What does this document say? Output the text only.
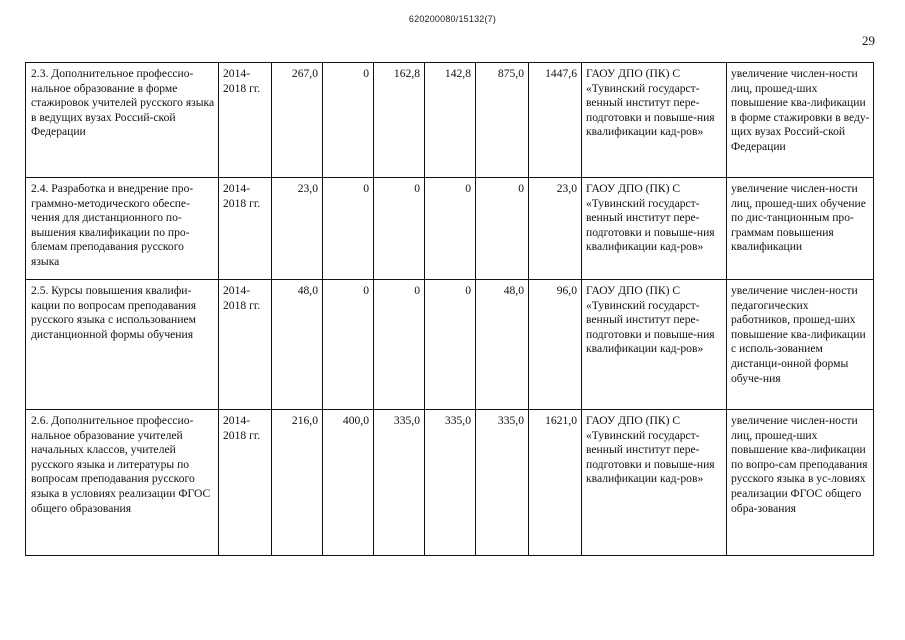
620200080/15132(7)
29
2.3. Дополнительное профессио-нальное образование в форме стажировок учителей русского языка в ведущих вузах Россий-ской Федерации	2014-2018 гг.	267,0	0	162,8	142,8	875,0	1447,6	ГАОУ ДПО (ПК) С «Тувинский государст-венный институт пере-подготовки и повыше-ния квалификации кад-ров»	увеличение числен-ности лиц, прошед-ших повышение ква-лификации в форме стажировки в веду-щих вузах Россий-ской Федерации
2.4. Разработка и внедрение про-граммно-методического обеспе-чения для дистанционного по-вышения квалификации по про-блемам преподавания русского языка	2014-2018 гг.	23,0	0	0	0	0	23,0	ГАОУ ДПО (ПК) С «Тувинский государст-венный институт пере-подготовки и повыше-ния квалификации кад-ров»	увеличение числен-ности лиц, прошед-ших обучение по дис-танционным про-граммам повышения квалификации
2.5. Курсы повышения квалифи-кации по вопросам преподавания русского языка с использованием дистанционной формы обучения	2014-2018 гг.	48,0	0	0	0	48,0	96,0	ГАОУ ДПО (ПК) С «Тувинский государст-венный институт пере-подготовки и повыше-ния квалификации кад-ров»	увеличение числен-ности педагогических работников, прошед-ших повышение ква-лификации с исполь-зованием дистанци-онной формы обуче-ния
2.6. Дополнительное профессио-нальное образование учителей начальных классов, учителей русского языка и литературы по вопросам преподавания русского языка в условиях реализации ФГОС общего образования	2014-2018 гг.	216,0	400,0	335,0	335,0	335,0	1621,0	ГАОУ ДПО (ПК) С «Тувинский государст-венный институт пере-подготовки и повыше-ния квалификации кад-ров»	увеличение числен-ности лиц, прошед-ших повышение ква-лификации по вопро-сам преподавания русского языка в ус-ловиях реализации ФГОС общего обра-зования
